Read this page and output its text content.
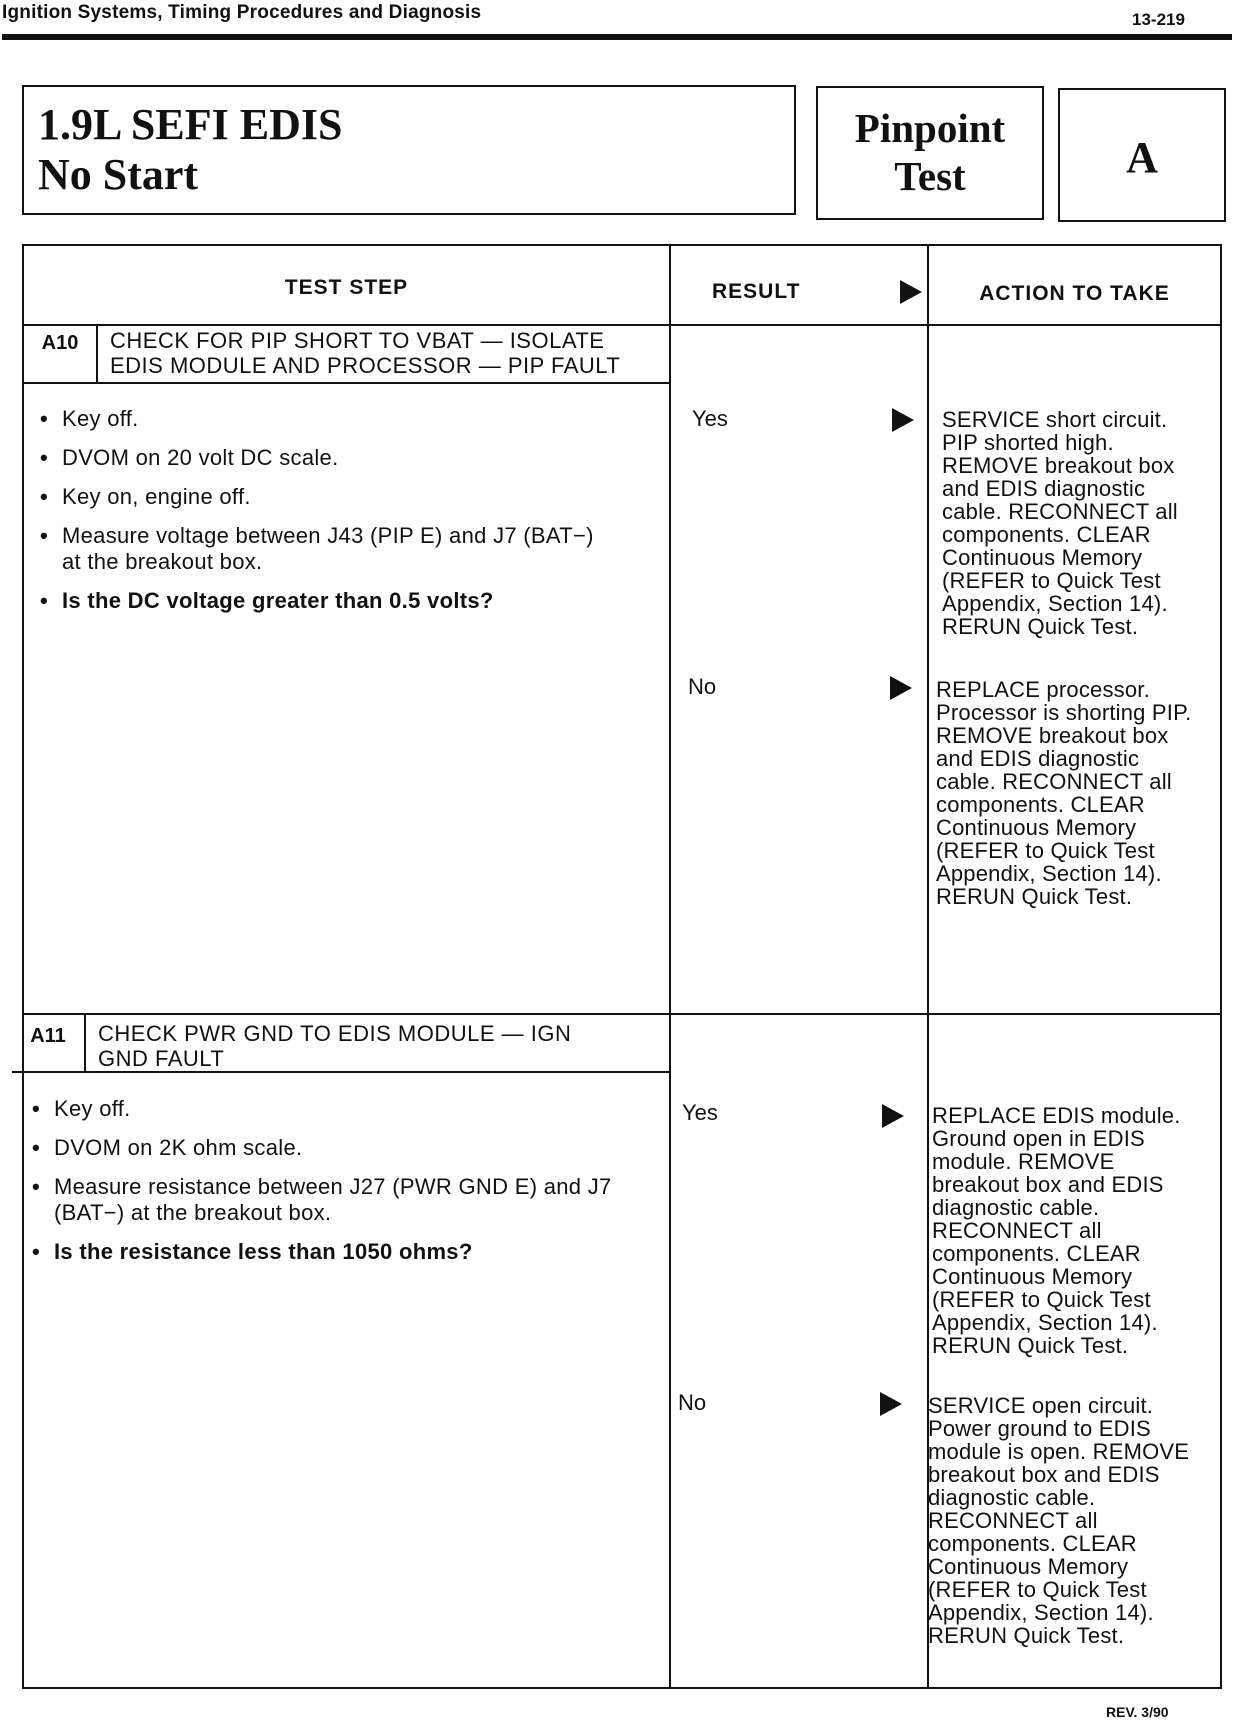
Ignition Systems, Timing Procedures and Diagnosis	13-219
1.9L SEFI EDIS
No Start
Pinpoint
Test	A
TEST STEP	RESULT	ACTION TO TAKE
A10	CHECK FOR PIP SHORT TO VBAT — ISOLATE EDIS MODULE AND PROCESSOR — PIP FAULT
• Key off.
• DVOM on 20 volt DC scale.
• Key on, engine off.
• Measure voltage between J43 (PIP E) and J7 (BAT−) at the breakout box.
• Is the DC voltage greater than 0.5 volts?
Yes	SERVICE short circuit. PIP shorted high. REMOVE breakout box and EDIS diagnostic cable. RECONNECT all components. CLEAR Continuous Memory (REFER to Quick Test Appendix, Section 14). RERUN Quick Test.
No	REPLACE processor. Processor is shorting PIP. REMOVE breakout box and EDIS diagnostic cable. RECONNECT all components. CLEAR Continuous Memory (REFER to Quick Test Appendix, Section 14). RERUN Quick Test.
A11	CHECK PWR GND TO EDIS MODULE — IGN GND FAULT
• Key off.
• DVOM on 2K ohm scale.
• Measure resistance between J27 (PWR GND E) and J7 (BAT−) at the breakout box.
• Is the resistance less than 1050 ohms?
Yes	REPLACE EDIS module. Ground open in EDIS module. REMOVE breakout box and EDIS diagnostic cable. RECONNECT all components. CLEAR Continuous Memory (REFER to Quick Test Appendix, Section 14). RERUN Quick Test.
No	SERVICE open circuit. Power ground to EDIS module is open. REMOVE breakout box and EDIS diagnostic cable. RECONNECT all components. CLEAR Continuous Memory (REFER to Quick Test Appendix, Section 14). RERUN Quick Test.
REV. 3/90
